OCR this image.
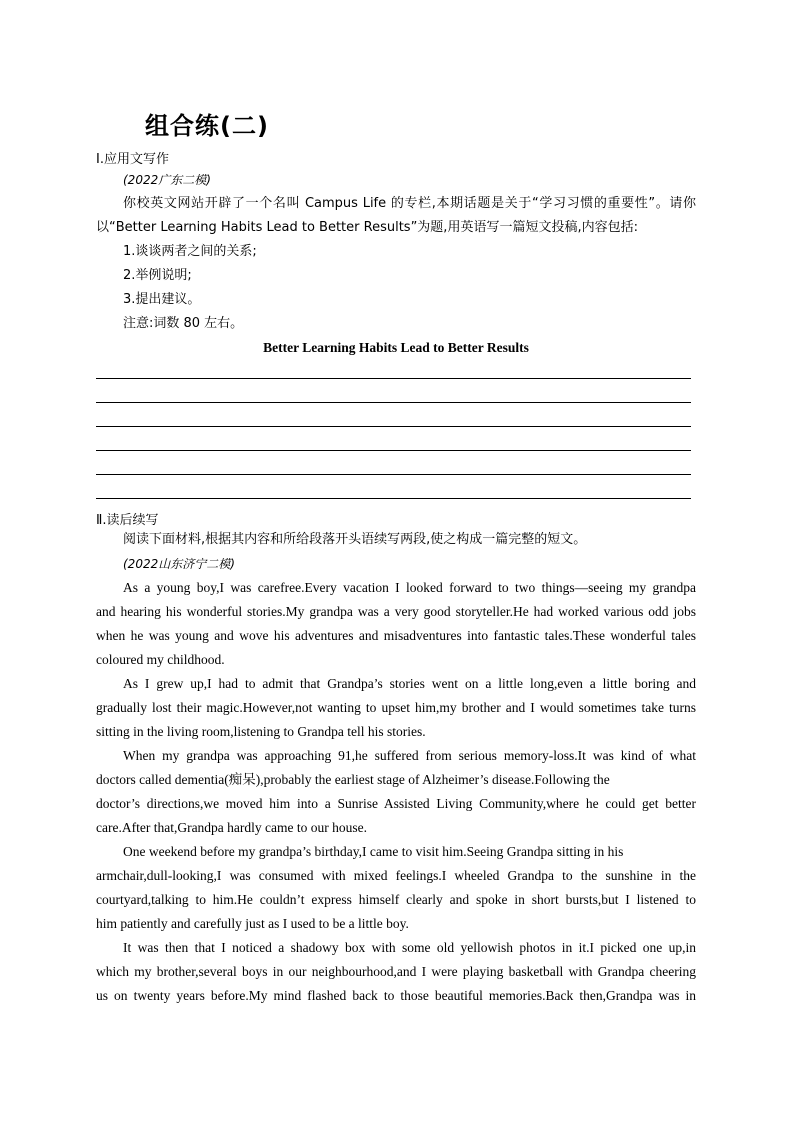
组合练(二)
Ⅰ.应用文写作
(2022广东二模)
你校英文网站开辟了一个名叫 Campus Life 的专栏,本期话题是关于“学习习惯的重要性”。请你
以“Better Learning Habits Lead to Better Results”为题,用英语写一篇短文投稿,内容包括:
1.谈谈两者之间的关系;
2.举例说明;
3.提出建议。
注意:词数 80 左右。
Better Learning Habits Lead to Better Results
Ⅱ.读后续写
阅读下面材料,根据其内容和所给段落开头语续写两段,使之构成一篇完整的短文。
(2022山东济宁二模)
As a young boy,I was carefree.Every vacation I looked forward to two things—seeing my grandpa
and hearing his wonderful stories.My grandpa was a very good storyteller.He had worked various odd jobs
when he was young and wove his adventures and misadventures into fantastic tales.These wonderful tales
coloured my childhood.
As I grew up,I had to admit that Grandpa’s stories went on a little long,even a little boring and
gradually lost their magic.However,not wanting to upset him,my brother and I would sometimes take turns
sitting in the living room,listening to Grandpa tell his stories.
When my grandpa was approaching 91,he suffered from serious memory-loss.It was kind of what
doctors called dementia(痴呆),probably the earliest stage of Alzheimer’s disease.Following the
doctor’s directions,we moved him into a Sunrise Assisted Living Community,where he could get better
care.After that,Grandpa hardly came to our house.
One weekend before my grandpa’s birthday,I came to visit him.Seeing Grandpa sitting in his
armchair,dull-looking,I was consumed with mixed feelings.I wheeled Grandpa to the sunshine in the
courtyard,talking to him.He couldn’t express himself clearly and spoke in short bursts,but I listened to
him patiently and carefully just as I used to be a little boy.
It was then that I noticed a shadowy box with some old yellowish photos in it.I picked one up,in
which my brother,several boys in our neighbourhood,and I were playing basketball with Grandpa cheering
us on twenty years before.My mind flashed back to those beautiful memories.Back then,Grandpa was in
